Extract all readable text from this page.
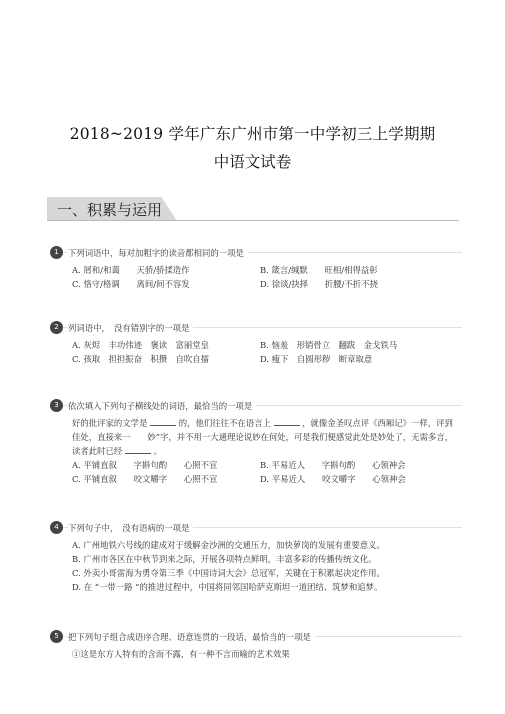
2018~2019 学年广东广州市第一中学初三上学期期
中语文试卷
一、积累与运用
1	下列词语中，每对加粗字的读音都相同的一项是
A. 屑和/和蔼　　天骄/骄揉造作	B. 箴言/缄默　　旺相/相得益彰
C. 恪守/格调　　离间/间不容发	D. 徐谈/抉择　　折腰/不折不挠
2	列词语中，　没有错别字的一项是
A. 灰烬　丰功伟迹　褒读　富丽堂皇	B. 恼羞　形销骨立　翻跋　金戈铁马
C. 孩取　担担振奋　积攒　自吹自擂	D. 瘦下　自圆形秽　断章取意
3	依次填入下列句子横线处的词语，最恰当的一项是
好的批评家的文学是	的，他们往往不在语言上	，就像金圣叹点评《西厢记》一样，评到佳处，直接来一　　妙”字，并不用一大通理论说妙在何处，可是我们便感觉此处是妙处了，无需多言，读者此时已经	。
A. 平铺直叙　　字斟句酌　　心照不宣	B. 平易近人　　字斟句酌　　心领神会
C. 平铺直叙　　咬文嚼字　　心照不宣	D. 平易近人　　咬文嚼字　　心领神会
4	下列句子中，　没有语病的一项是
A. 广州地铁六号线的建成对于缓解金沙洲的交通压力，加快萝岗的发展有重要意义。
B. 广州市各区在中秋节到来之际，开展各项特点鲜明，丰富多彩的传播传统文化。
C. 外卖小哥雷海为勇夺第三季《中国诗词大会》总冠军，关键在于积累起决定作用。
D. 在 “一带一路 ”的推进过程中，中国将同邻国哈萨克斯坦一道团结、筑梦和追梦。
5	把下列句子组合成语序合理、语意连贯的一段话，最恰当的一项是
①这是东方人特有的含而不露，有一种不言而喻的艺术效果
